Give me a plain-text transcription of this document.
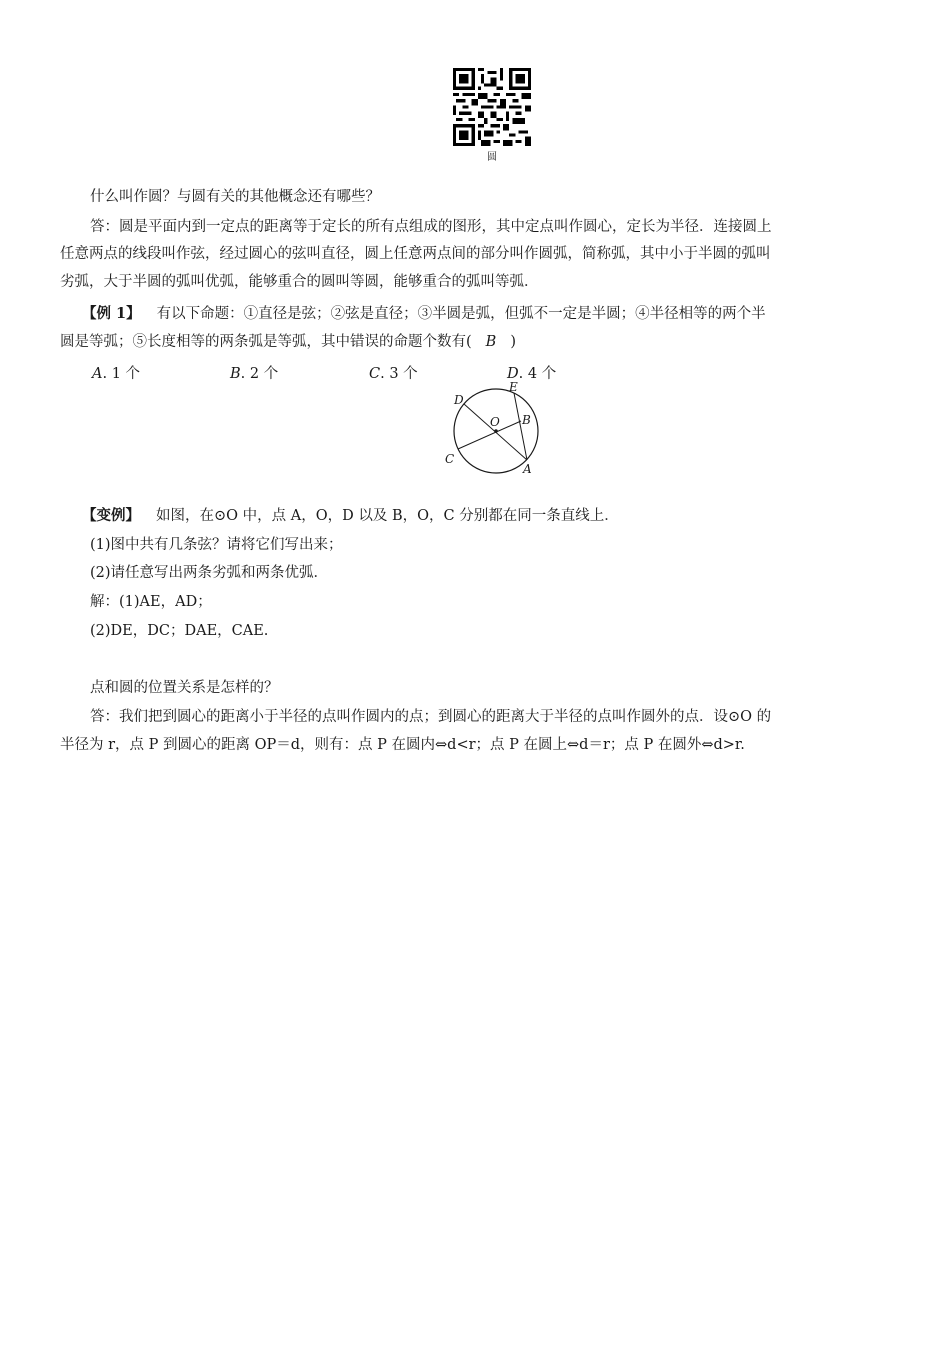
圆
什么叫作圆？与圆有关的其他概念还有哪些？
答：圆是平面内到一定点的距离等于定长的所有点组成的图形，其中定点叫作圆心，定长为半径．连接圆上
任意两点的线段叫作弦，经过圆心的弦叫直径，圆上任意两点间的部分叫作圆弧，简称弧，其中小于半圆的弧叫
劣弧，大于半圆的弧叫优弧，能够重合的圆叫等圆，能够重合的弧叫等弧．
【例 1】 有以下命题：①直径是弦；②弦是直径；③半圆是弧，但弧不一定是半圆；④半径相等的两个半
圆是等弧；⑤长度相等的两条弧是等弧，其中错误的命题个数有( B )
A. 1 个	B. 2 个	C. 3 个	D. 4 个
E
D
O B
C
A
【变例】 如图，在⊙O 中，点 A，O，D 以及 B，O，C 分别都在同一条直线上．
(1)图中共有几条弦？请将它们写出来；
(2)请任意写出两条劣弧和两条优弧．
解：(1)AE，AD；
(2)DE，DC；DAE，CAE.
点和圆的位置关系是怎样的？
答：我们把到圆心的距离小于半径的点叫作圆内的点；到圆心的距离大于半径的点叫作圆外的点．设⊙O 的
半径为 r，点 P 到圆心的距离 OP＝d，则有：点 P 在圆内⇔d<r；点 P 在圆上⇔d＝r；点 P 在圆外⇔d>r.
